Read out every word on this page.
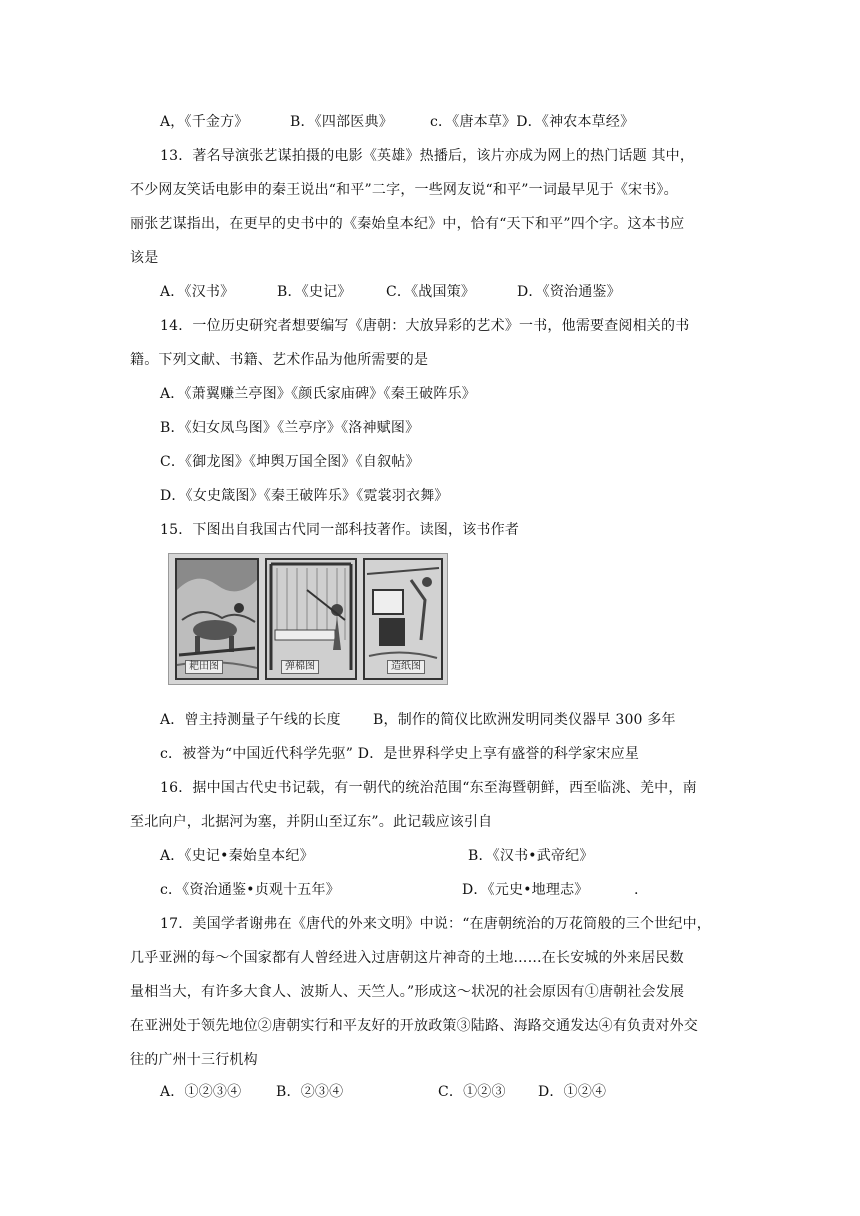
A，《千金方》	B．《四部医典》	c．《唐本草》D．《神农本草经》
13．著名导演张艺谋拍摄的电影《英雄》热播后，该片亦成为网上的热门话题 其中，
不少网友笑话电影申的秦王说出“和平”二字，一些网友说“和平”一词最早见于《宋书》。
丽张艺谋指出，在更早的史书中的《秦始皇本纪》中，恰有“天下和平”四个字。这本书应
该是
A．《汉书》	B．《史记》 C．《战国策》	D．《资治通鉴》
14．一位历史研究者想要编写《唐朝：大放异彩的艺术》一书，他需要查阅相关的书
籍。下列文献、书籍、艺术作品为他所需要的是
A．《萧翼赚兰亭图》《颜氏家庙碑》《秦王破阵乐》
B．《妇女凤鸟图》《兰亭序》《洛神赋图》
C．《御龙图》《坤舆万国全图》《自叙帖》
D．《女史箴图》《秦王破阵乐》《霓裳羽衣舞》
15．下图出自我国古代同一部科技著作。读图，该书作者
耙田图	弹棉图	造纸图
A．曾主持测量子午线的长度 B，制作的简仪比欧洲发明同类仪器早 300 多年
c．被誉为“中国近代科学先驱” D．是世界科学史上享有盛誉的科学家宋应星
16．据中国古代史书记载，有一朝代的统治范围“东至海暨朝鲜，西至临洮、羌中，南
至北向户，北据河为塞，并阴山至辽东”。此记载应该引自
A．《史记•秦始皇本纪》	B．《汉书•武帝纪》
c．《资治通鉴•贞观十五年》	D．《元史•地理志》	.
17．美国学者谢弗在《唐代的外来文明》中说：“在唐朝统治的万花筒般的三个世纪中，
几乎亚洲的每～个国家都有人曾经进入过唐朝这片神奇的土地……在长安城的外来居民数
量相当大，有许多大食人、波斯人、天竺人。”形成这～状况的社会原因有①唐朝社会发展
在亚洲处于领先地位②唐朝实行和平友好的开放政策③陆路、海路交通发达④有负责对外交
往的广州十三行机构
A．①②③④ B．②③④	C．①②③ D．①②④
